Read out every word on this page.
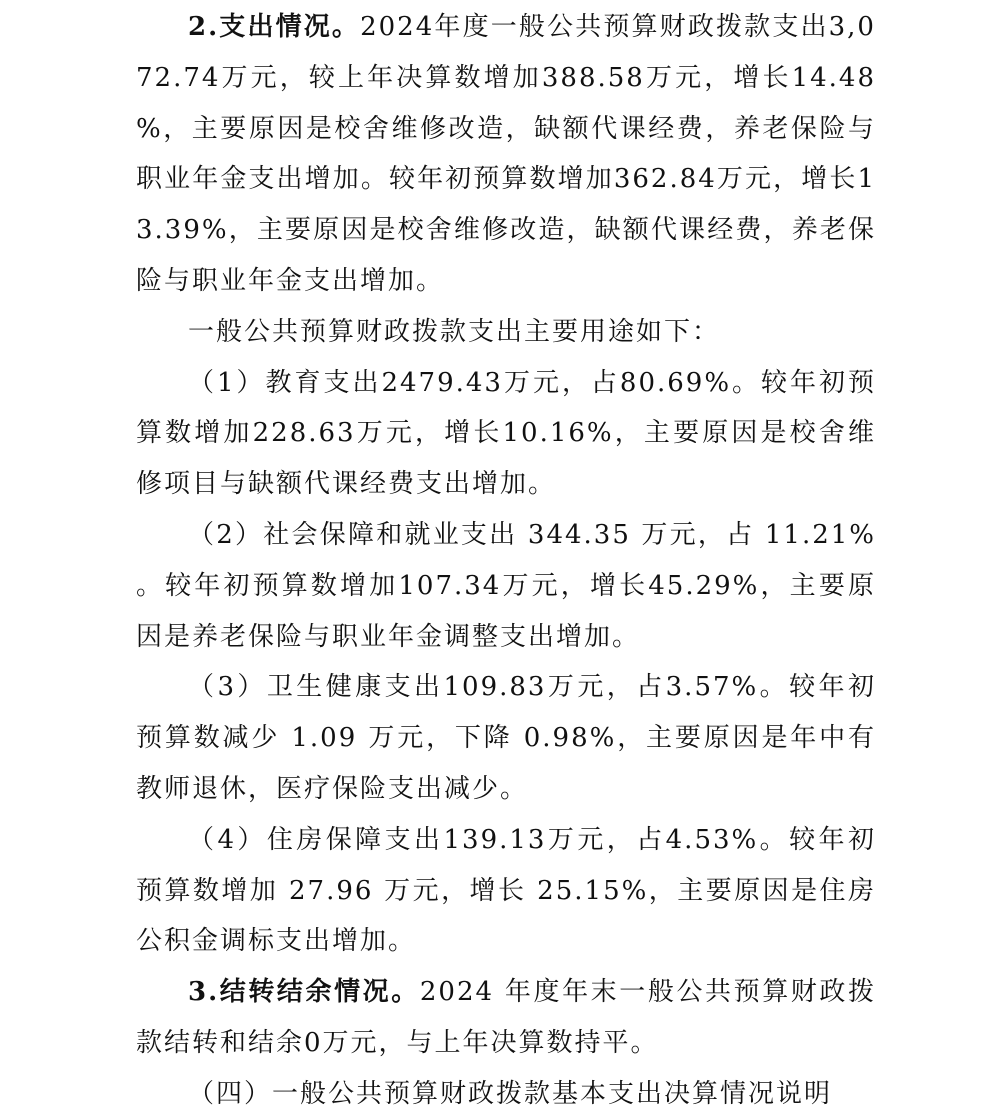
2.支出情况。2024年度一般公共预算财政拨款支出3,072.74万元，较上年决算数增加388.58万元，增长14.48%，主要原因是校舍维修改造，缺额代课经费，养老保险与职业年金支出增加。较年初预算数增加362.84万元，增长13.39%，主要原因是校舍维修改造，缺额代课经费，养老保险与职业年金支出增加。

一般公共预算财政拨款支出主要用途如下：

（1）教育支出2479.43万元，占80.69%。较年初预算数增加228.63万元，增长10.16%，主要原因是校舍维修项目与缺额代课经费支出增加。

（2）社会保障和就业支出 344.35 万元，占 11.21%。较年初预算数增加107.34万元，增长45.29%，主要原因是养老保险与职业年金调整支出增加。

（3）卫生健康支出109.83万元，占3.57%。较年初预算数减少 1.09 万元，下降 0.98%，主要原因是年中有教师退休，医疗保险支出减少。

（4）住房保障支出139.13万元，占4.53%。较年初预算数增加 27.96 万元，增长 25.15%，主要原因是住房公积金调标支出增加。

3.结转结余情况。2024 年度年末一般公共预算财政拨款结转和结余0万元，与上年决算数持平。

（四）一般公共预算财政拨款基本支出决算情况说明
